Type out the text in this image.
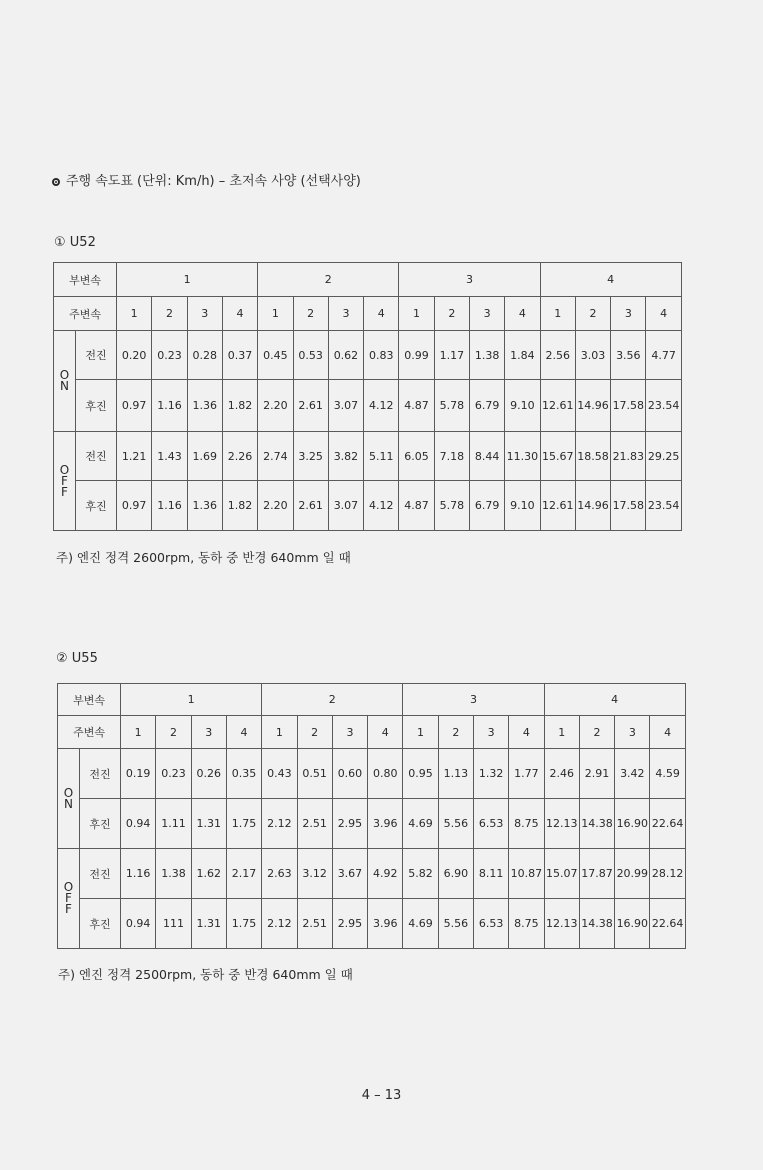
주행 속도표 (단위: Km/h) – 초저속 사양 (선택사양)
① U52
부변속		1				2				3				4			
주변속		1	2	3	4	1	2	3	4	1	2	3	4	1	2	3	4
O N	전진	0.20	0.23	0.28	0.37	0.45	0.53	0.62	0.83	0.99	1.17	1.38	1.84	2.56	3.03	3.56	4.77
	후진	0.97	1.16	1.36	1.82	2.20	2.61	3.07	4.12	4.87	5.78	6.79	9.10	12.61	14.96	17.58	23.54
O F F	전진	1.21	1.43	1.69	2.26	2.74	3.25	3.82	5.11	6.05	7.18	8.44	11.30	15.67	18.58	21.83	29.25
	후진	0.97	1.16	1.36	1.82	2.20	2.61	3.07	4.12	4.87	5.78	6.79	9.10	12.61	14.96	17.58	23.54
주) 엔진 정격 2600rpm, 동하 중 반경 640mm 일 때
② U55
부변속		1				2				3				4			
주변속		1	2	3	4	1	2	3	4	1	2	3	4	1	2	3	4
O N	전진	0.19	0.23	0.26	0.35	0.43	0.51	0.60	0.80	0.95	1.13	1.32	1.77	2.46	2.91	3.42	4.59
	후진	0.94	1.11	1.31	1.75	2.12	2.51	2.95	3.96	4.69	5.56	6.53	8.75	12.13	14.38	16.90	22.64
O F F	전진	1.16	1.38	1.62	2.17	2.63	3.12	3.67	4.92	5.82	6.90	8.11	10.87	15.07	17.87	20.99	28.12
	후진	0.94	111	1.31	1.75	2.12	2.51	2.95	3.96	4.69	5.56	6.53	8.75	12.13	14.38	16.90	22.64
주) 엔진 정격 2500rpm, 동하 중 반경 640mm 일 때
4 – 13
